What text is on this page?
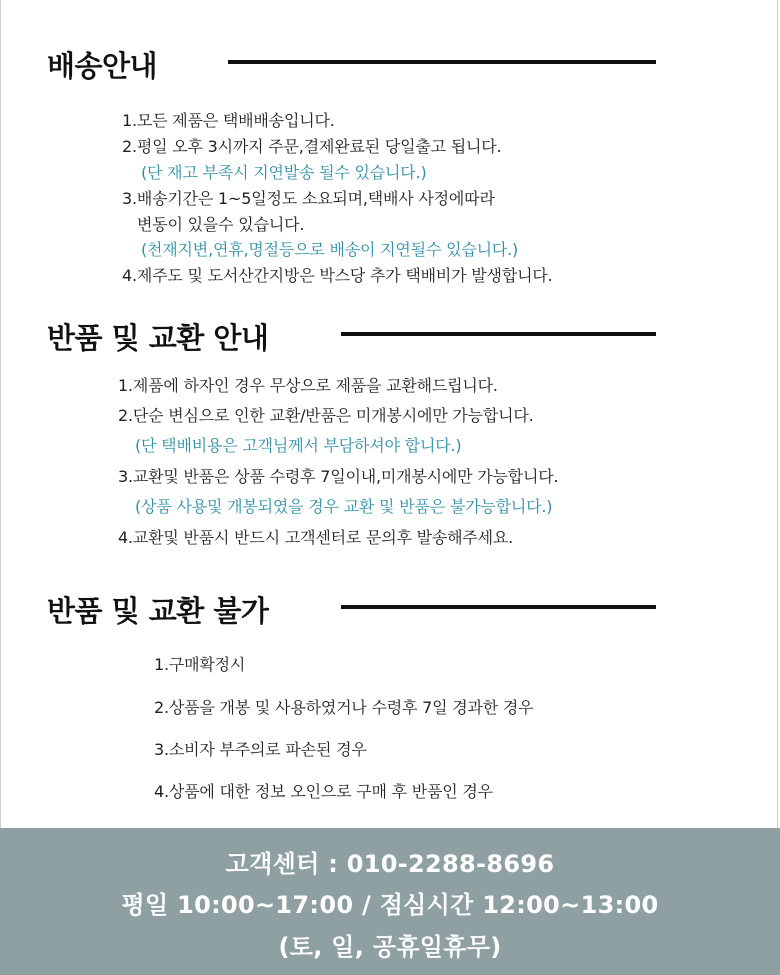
배송안내
1.모든 제품은 택배배송입니다.
2.평일 오후 3시까지 주문,결제완료된 당일출고 됩니다.
(단 재고 부족시 지연발송 될수 있습니다.)
3.배송기간은 1~5일정도 소요되며,택배사 사정에따라
변동이 있을수 있습니다.
(천재지변,연휴,명절등으로 배송이 지연될수 있습니다.)
4.제주도 및 도서산간지방은 박스당 추가 택배비가 발생합니다.
반품 및 교환 안내
1.제품에 하자인 경우 무상으로 제품을 교환해드립니다.
2.단순 변심으로 인한 교환/반품은 미개봉시에만 가능합니다.
(단 택배비용은 고객님께서 부담하셔야 합니다.)
3.교환및 반품은 상품 수령후 7일이내,미개봉시에만 가능합니다.
(상품 사용및 개봉되였을 경우 교환 및 반품은 불가능합니다.)
4.교환및 반품시 반드시 고객센터로 문의후 발송해주세요.
반품 및 교환 불가
1.구매확정시
2.상품을 개봉 및 사용하였거나 수령후 7일 경과한 경우
3.소비자 부주의로 파손된 경우
4.상품에 대한 정보 오인으로 구매 후 반품인 경우
고객센터 : 010-2288-8696
평일 10:00~17:00 / 점심시간 12:00~13:00
(토, 일, 공휴일휴무)
